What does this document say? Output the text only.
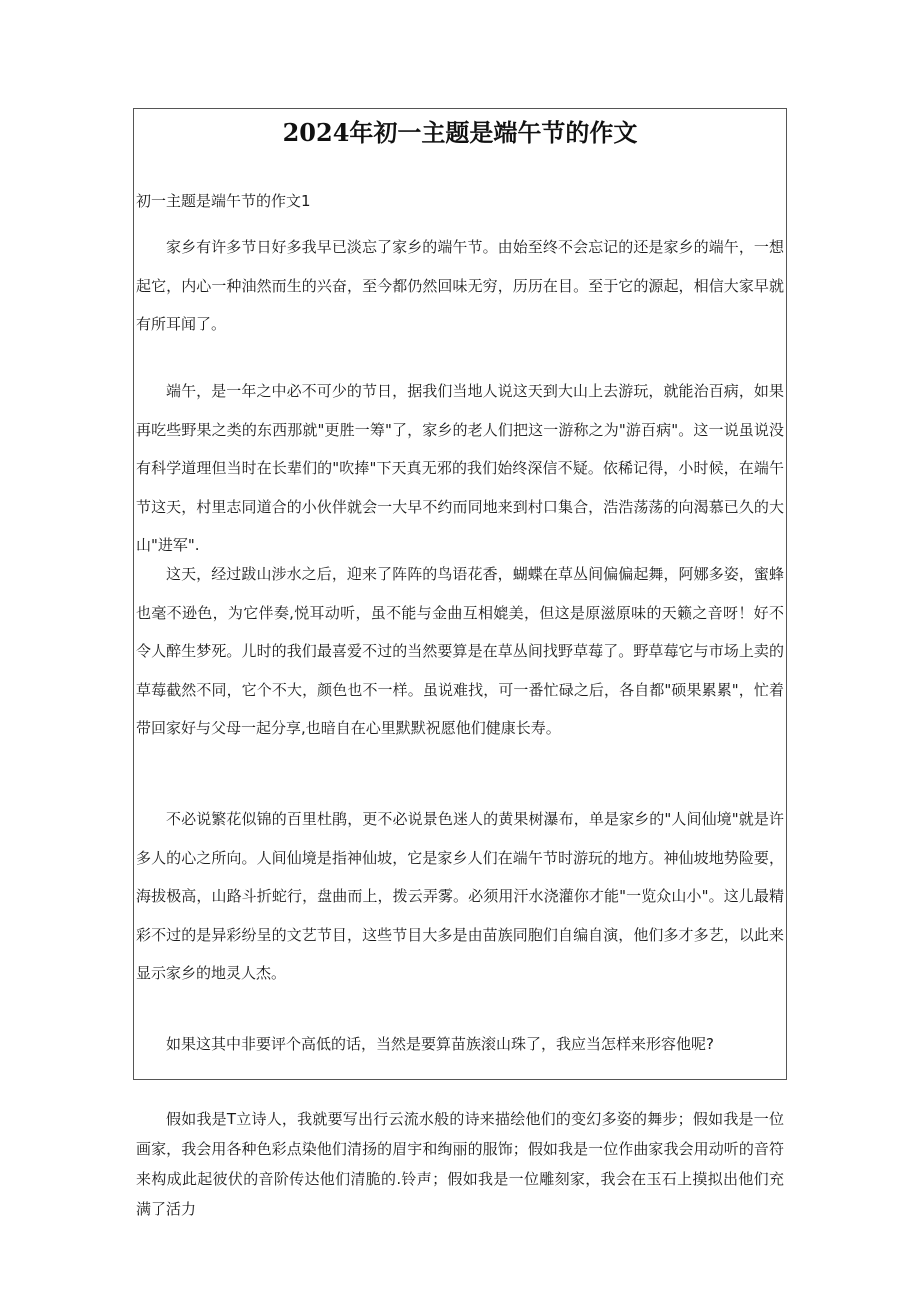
2024年初一主题是端午节的作文

初一主题是端午节的作文1

家乡有许多节日好多我早已淡忘了家乡的端午节。由始至终不会忘记的还是家乡的端午，一想起它，内心一种油然而生的兴奋，至今都仍然回味无穷，历历在目。至于它的源起，相信大家早就有所耳闻了。

端午，是一年之中必不可少的节日，据我们当地人说这天到大山上去游玩，就能治百病，如果再吃些野果之类的东西那就"更胜一筹"了，家乡的老人们把这一游称之为"游百病"。这一说虽说没有科学道理但当时在长辈们的"吹捧"下天真无邪的我们始终深信不疑。依稀记得，小时候，在端午节这天，村里志同道合的小伙伴就会一大早不约而同地来到村口集合，浩浩荡荡的向渴慕已久的大山"进军".

这天，经过跋山涉水之后，迎来了阵阵的鸟语花香，蝴蝶在草丛间偏偏起舞，阿娜多姿，蜜蜂也毫不逊色，为它伴奏,悦耳动听，虽不能与金曲互相媲美，但这是原滋原味的天籁之音呀！好不令人醉生梦死。儿时的我们最喜爱不过的当然要算是在草丛间找野草莓了。野草莓它与市场上卖的草莓截然不同，它个不大，颜色也不一样。虽说难找，可一番忙碌之后，各自都"硕果累累"，忙着带回家好与父母一起分享,也暗自在心里默默祝愿他们健康长寿。

不必说繁花似锦的百里杜鹃，更不必说景色迷人的黄果树瀑布，单是家乡的"人间仙境"就是许多人的心之所向。人间仙境是指神仙坡，它是家乡人们在端午节时游玩的地方。神仙坡地势险要，海拔极高，山路斗折蛇行，盘曲而上，拨云弄雾。必须用汗水浇灌你才能"一览众山小"。这儿最精彩不过的是异彩纷呈的文艺节目，这些节目大多是由苗族同胞们自编自演，他们多才多艺，以此来显示家乡的地灵人杰。

如果这其中非要评个高低的话，当然是要算苗族滚山珠了，我应当怎样来形容他呢?

假如我是T立诗人，我就要写出行云流水般的诗来描绘他们的变幻多姿的舞步；假如我是一位画家，我会用各种色彩点染他们清扬的眉宇和绚丽的服饰；假如我是一位作曲家我会用动听的音符来构成此起彼伏的音阶传达他们清脆的.铃声；假如我是一位雕刻家，我会在玉石上摸拟出他们充满了活力
